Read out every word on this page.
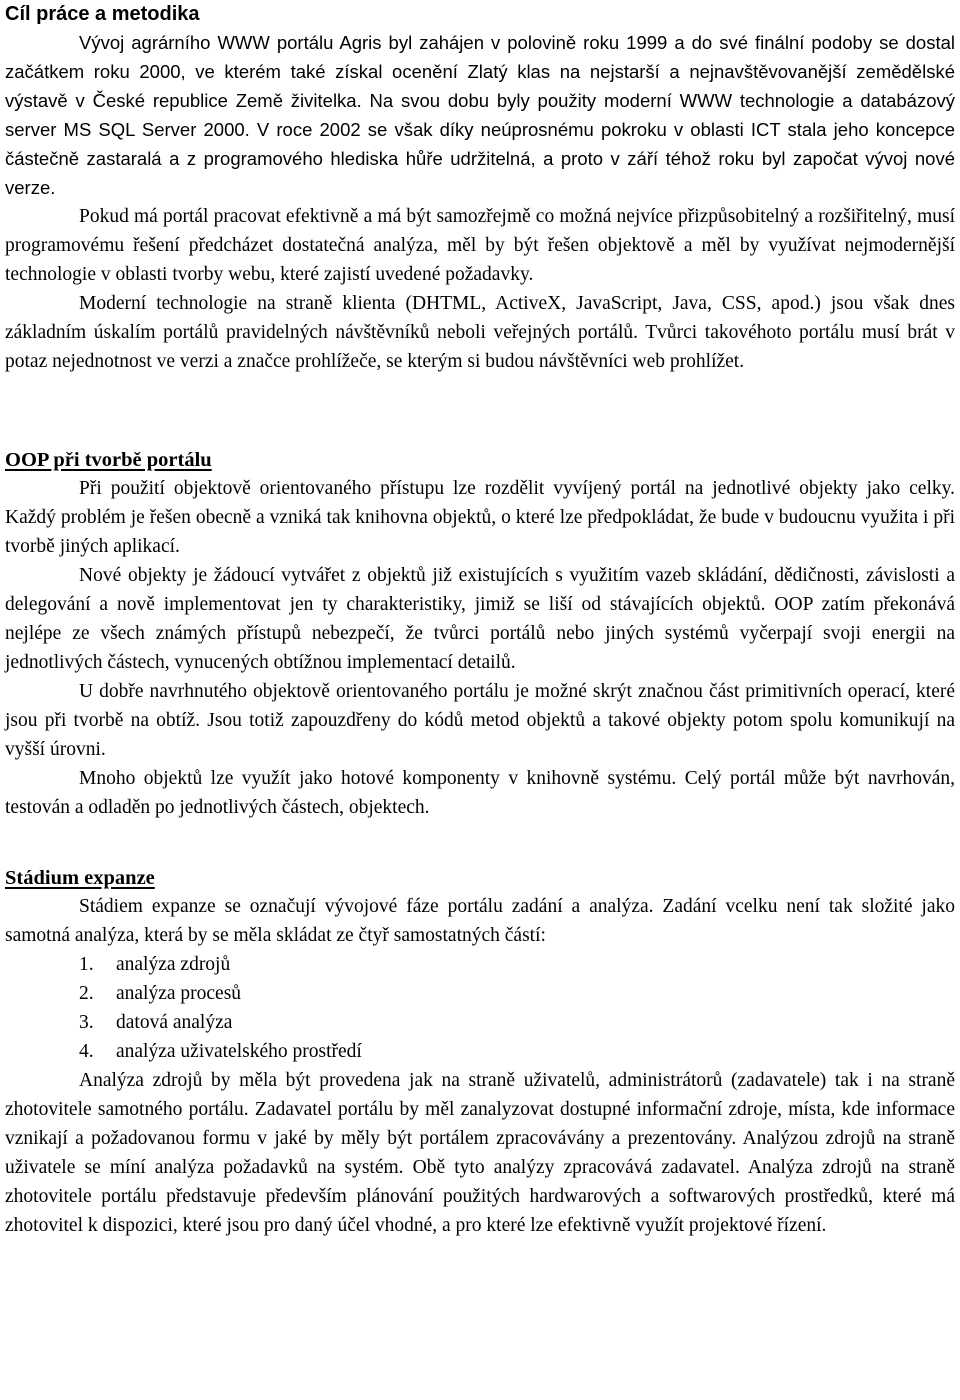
Cíl práce a metodika

Vývoj agrárního WWW portálu Agris byl zahájen v polovině roku 1999 a do své finální podoby se dostal začátkem roku 2000, ve kterém také získal ocenění Zlatý klas na nejstarší a nejnavštěvovanější zemědělské výstavě v České republice Země živitelka. Na svou dobu byly použity moderní WWW technologie a databázový server MS SQL Server 2000. V roce 2002 se však díky neúprosnému pokroku v oblasti ICT stala jeho koncepce částečně zastaralá a z programového hlediska hůře udržitelná, a proto v září téhož roku byl započat vývoj nové verze.

Pokud má portál pracovat efektivně a má být samozřejmě co možná nejvíce přizpůsobitelný a rozšiřitelný, musí programovému řešení předcházet dostatečná analýza, měl by být řešen objektově a měl by využívat nejmodernější technologie v oblasti tvorby webu, které zajistí uvedené požadavky.

Moderní technologie na straně klienta (DHTML, ActiveX, JavaScript, Java, CSS, apod.) jsou však dnes základním úskalím portálů pravidelných návštěvníků neboli veřejných portálů. Tvůrci takovéhoto portálu musí brát v potaz nejednotnost ve verzi a značce prohlížeče, se kterým si budou návštěvníci web prohlížet.

OOP při tvorbě portálu

Při použití objektově orientovaného přístupu lze rozdělit vyvíjený portál na jednotlivé objekty jako celky. Každý problém je řešen obecně a vzniká tak knihovna objektů, o které lze předpokládat, že bude v budoucnu využita i při tvorbě jiných aplikací.

Nové objekty je žádoucí vytvářet z objektů již existujících s využitím vazeb skládání, dědičnosti, závislosti a delegování a nově implementovat jen ty charakteristiky, jimiž se liší od stávajících objektů. OOP zatím překonává nejlépe ze všech známých přístupů nebezpečí, že tvůrci portálů nebo jiných systémů vyčerpají svoji energii na jednotlivých částech, vynucených obtížnou implementací detailů.

U dobře navrhnutého objektově orientovaného portálu je možné skrýt značnou část primitivních operací, které jsou při tvorbě na obtíž. Jsou totiž zapouzdřeny do kódů metod objektů a takové objekty potom spolu komunikují na vyšší úrovni.

Mnoho objektů lze využít jako hotové komponenty v knihovně systému. Celý portál může být navrhován, testován a odladěn po jednotlivých částech, objektech.

Stádium expanze

Stádiem expanze se označují vývojové fáze portálu zadání a analýza. Zadání vcelku není tak složité jako samotná analýza, která by se měla skládat ze čtyř samostatných částí:

1.	analýza zdrojů
2.	analýza procesů
3.	datová analýza
4.	analýza uživatelského prostředí

Analýza zdrojů by měla být provedena jak na straně uživatelů, administrátorů (zadavatele) tak i na straně zhotovitele samotného portálu. Zadavatel portálu by měl zanalyzovat dostupné informační zdroje, místa, kde informace vznikají a požadovanou formu v jaké by měly být portálem zpracovávány a prezentovány. Analýzou zdrojů na straně uživatele se míní analýza požadavků na systém. Obě tyto analýzy zpracovává zadavatel. Analýza zdrojů na straně zhotovitele portálu představuje především plánování použitých hardwarových a softwarových prostředků, které má zhotovitel k dispozici, které jsou pro daný účel vhodné, a pro které lze efektivně využít projektové řízení.
